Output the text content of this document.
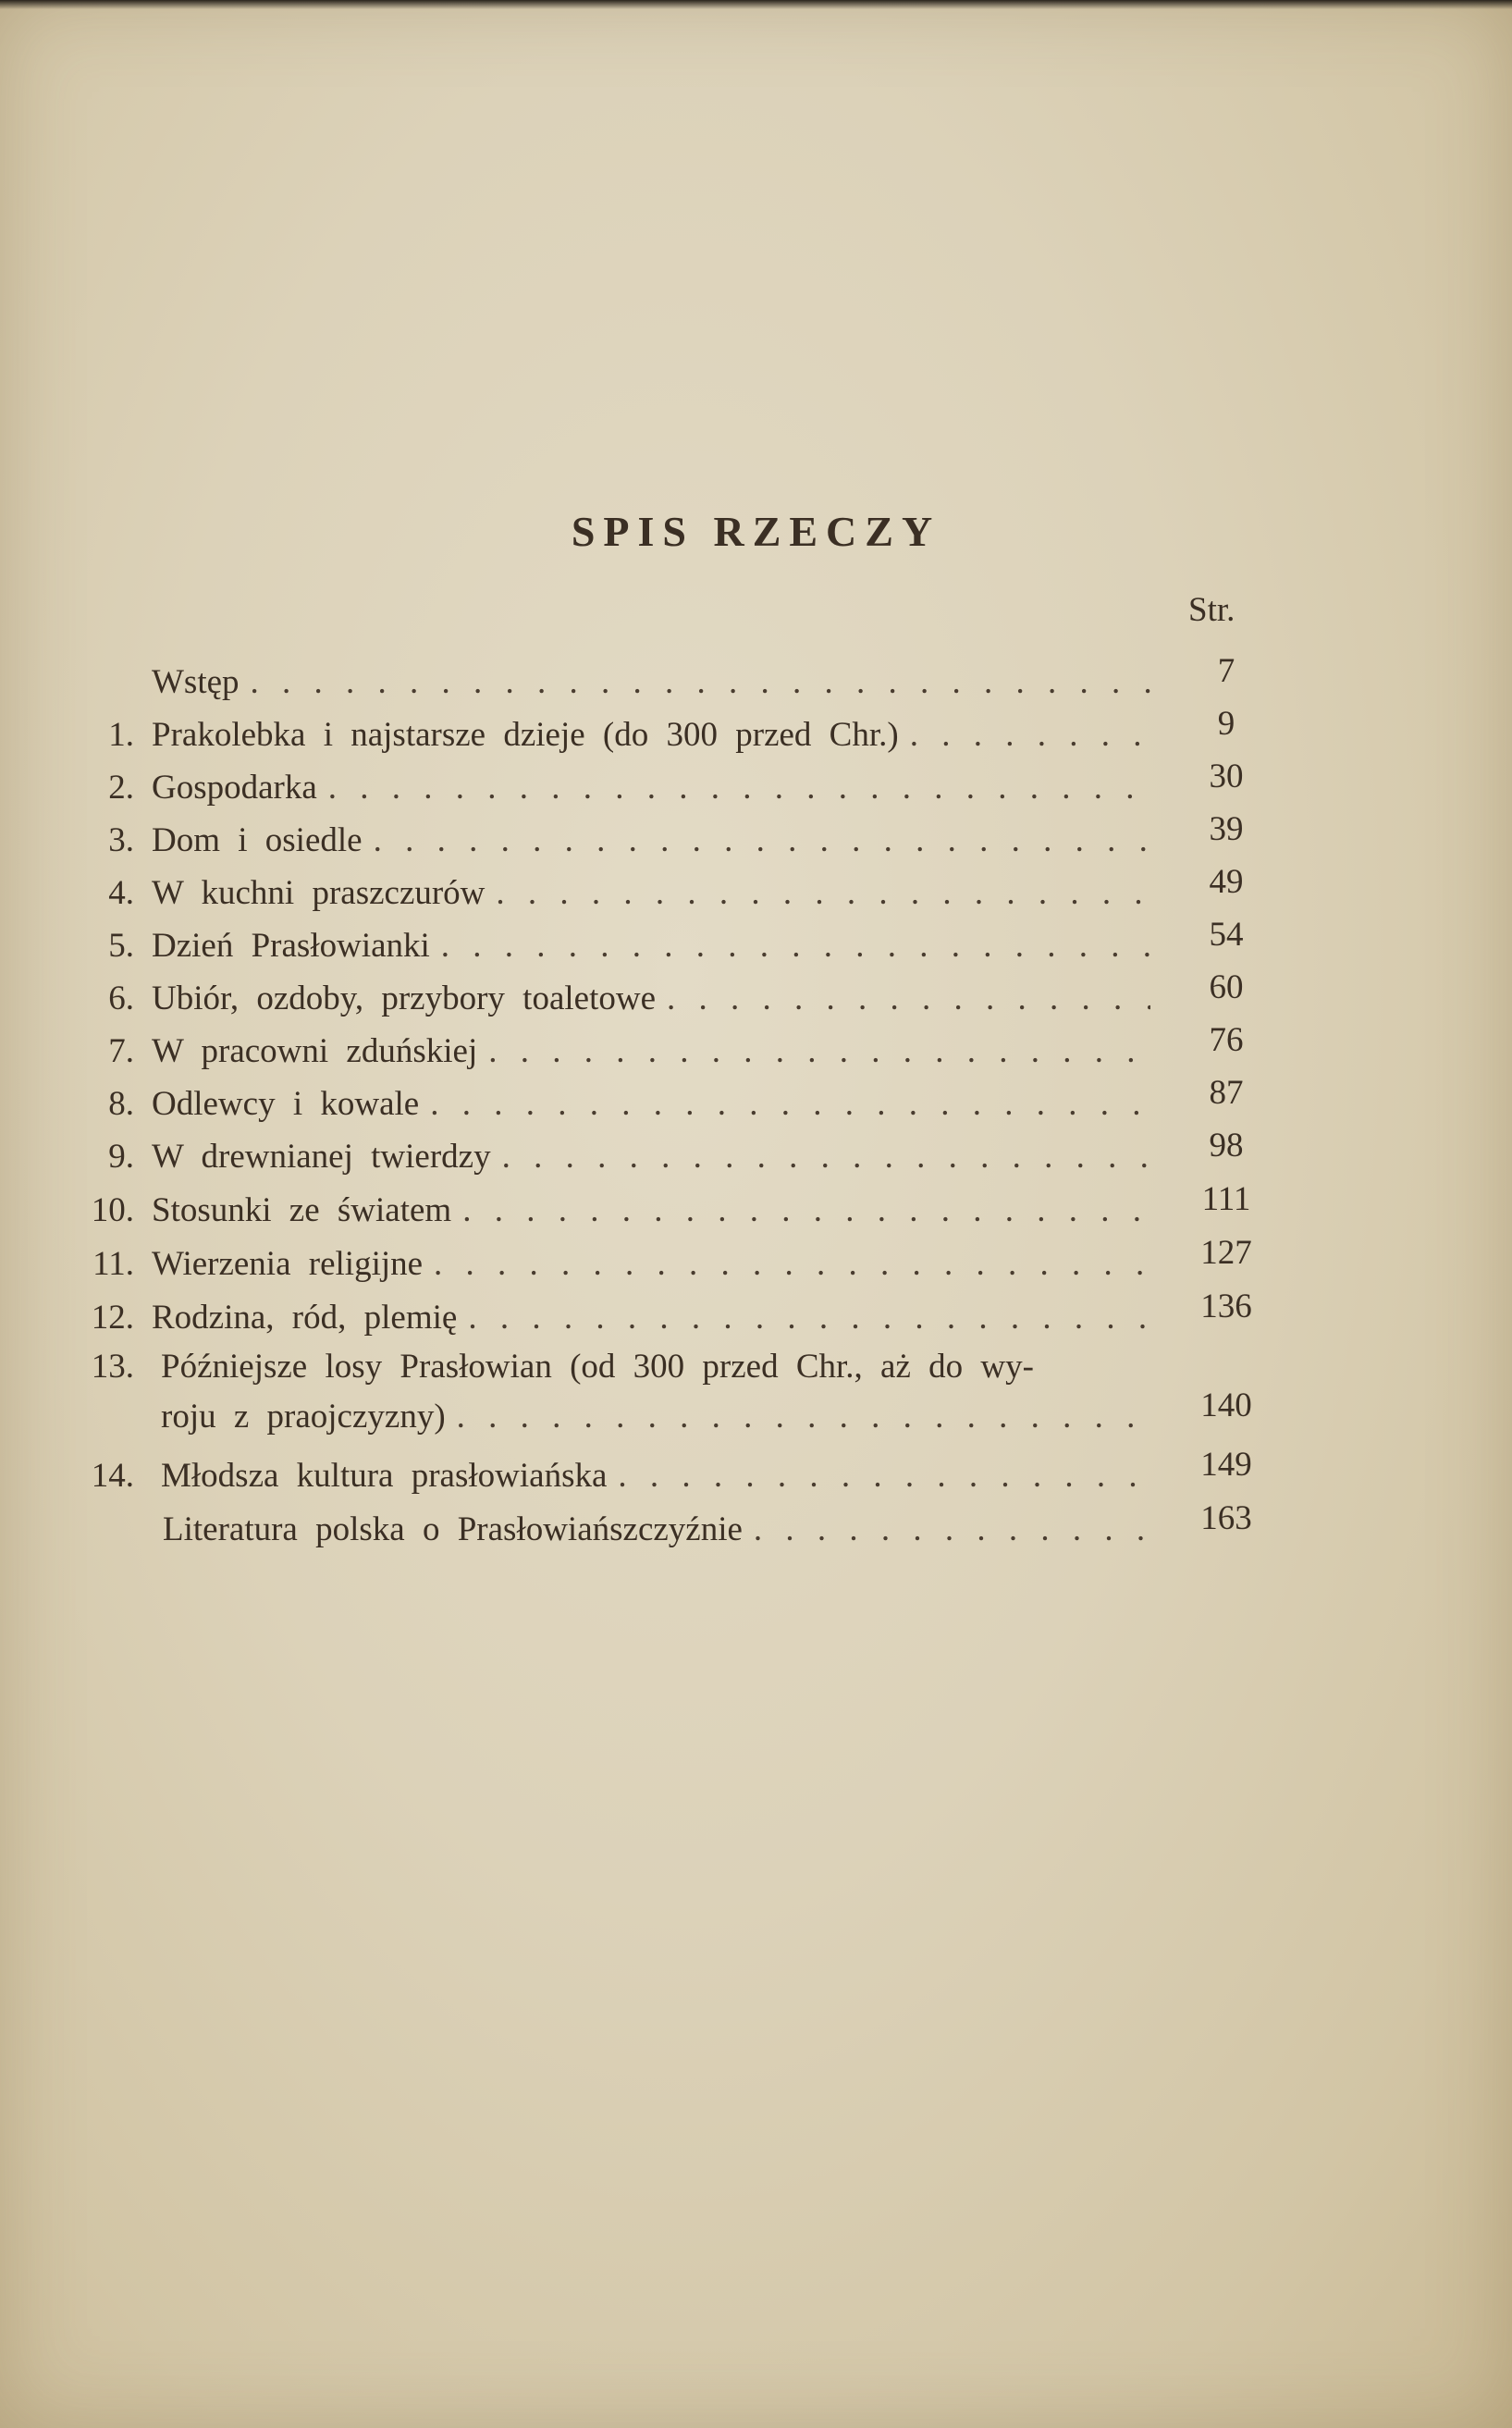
SPIS RZECZY
Str.
Wstęp . . .	7
1. Prakolebka i najstarsze dzieje (do 300 przed Chr.) . . .	9
2. Gospodarka . . .	30
3. Dom i osiedle . . .	39
4. W kuchni praszczurów . . .	49
5. Dzień Prasłowianki . . .	54
6. Ubiór, ozdoby, przybory toaletowe . . .	60
7. W pracowni zduńskiej . . .	76
8. Odlewcy i kowale . . .	87
9. W drewnianej twierdzy . . .	98
10. Stosunki ze światem . . .	111
11. Wierzenia religijne . . .	127
12. Rodzina, ród, plemię . . .	136
13. Późniejsze losy Prasłowian (od 300 przed Chr., aż do wy-
roju z praojczyzny) . . .	140
14. Młodsza kultura prasłowiańska . . .	149
Literatura polska o Prasłowiańszczyźnie . . .	163
